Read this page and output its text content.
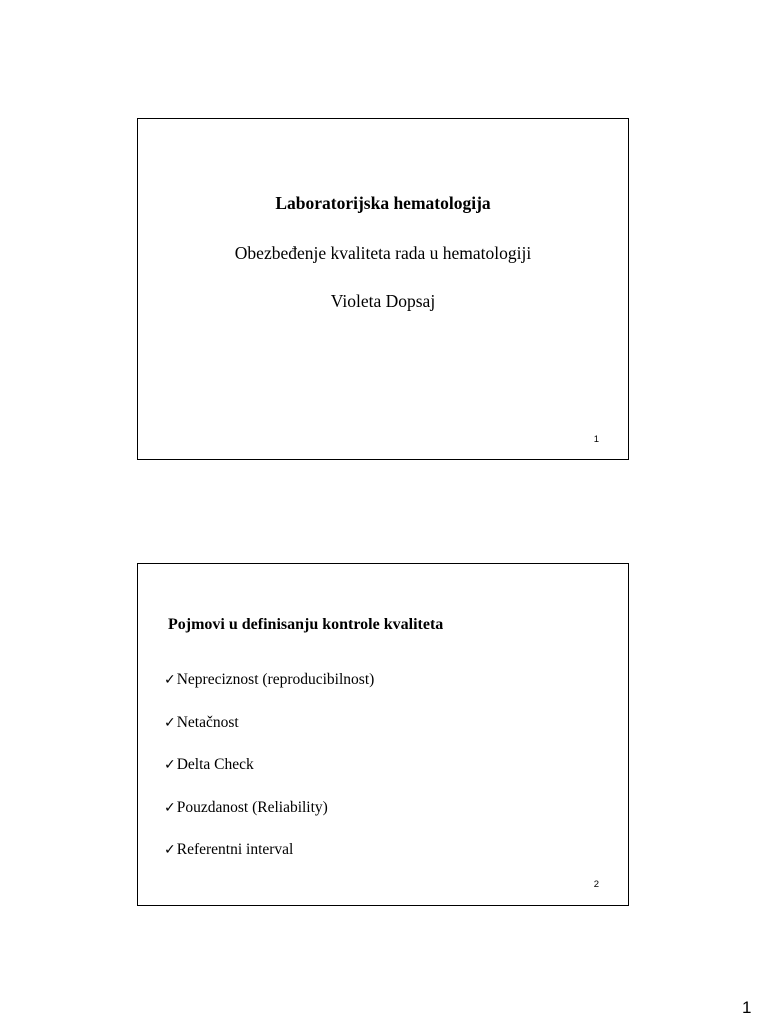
Laboratorijska hematologija
Obezbeđenje kvaliteta rada u hematologiji
Violeta Dopsaj
1
Pojmovi u definisanju kontrole kvaliteta
✓Nepreciznost (reproducibilnost)
✓Netačnost
✓Delta Check
✓Pouzdanost (Reliability)
✓Referentni interval
2
1
